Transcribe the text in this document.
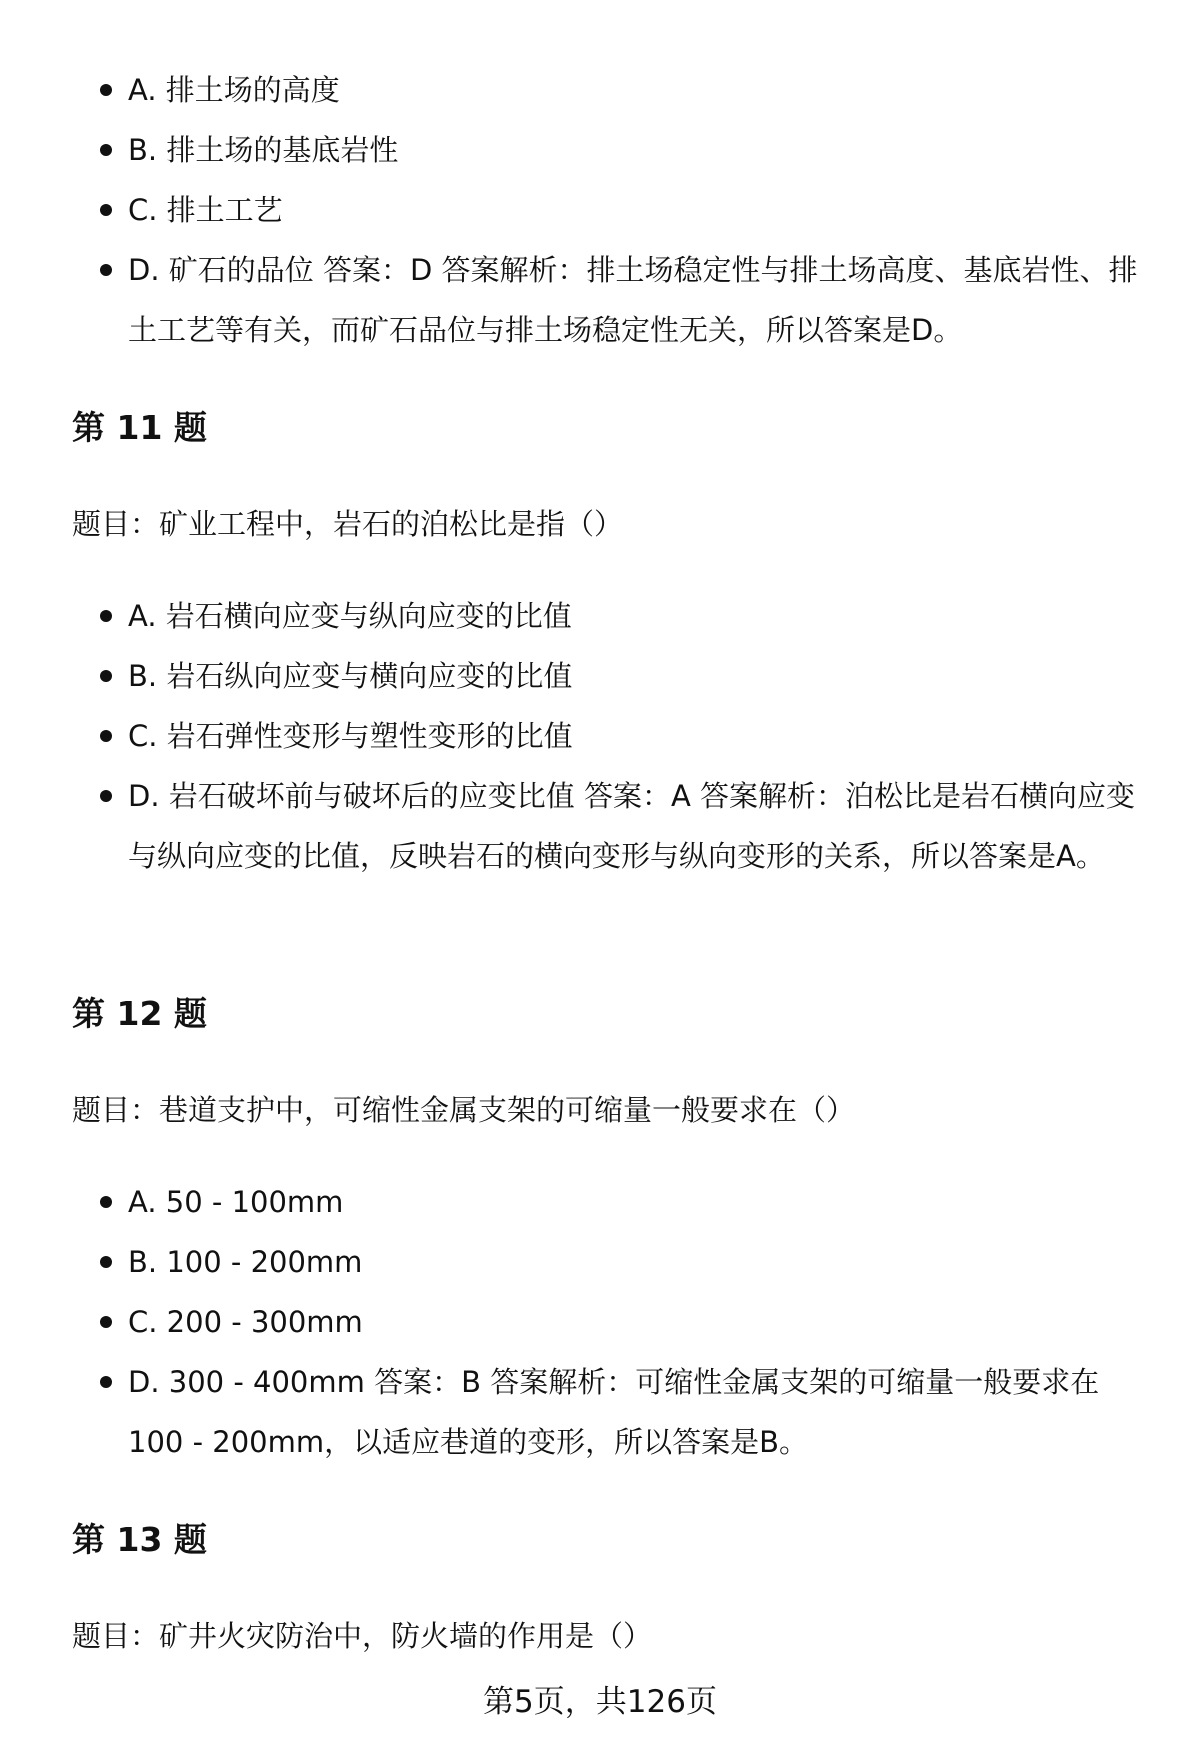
A. 排土场的高度
B. 排土场的基底岩性
C. 排土工艺
D. 矿石的品位 答案：D 答案解析：排土场稳定性与排土场高度、基底岩性、排土工艺等有关，而矿石品位与排土场稳定性无关，所以答案是D。
第 11 题

题目：矿业工程中，岩石的泊松比是指（）

A. 岩石横向应变与纵向应变的比值
B. 岩石纵向应变与横向应变的比值
C. 岩石弹性变形与塑性变形的比值
D. 岩石破坏前与破坏后的应变比值 答案：A 答案解析：泊松比是岩石横向应变与纵向应变的比值，反映岩石的横向变形与纵向变形的关系，所以答案是A。
第 12 题

题目：巷道支护中，可缩性金属支架的可缩量一般要求在（）

A. 50 - 100mm
B. 100 - 200mm
C. 200 - 300mm
D. 300 - 400mm 答案：B 答案解析：可缩性金属支架的可缩量一般要求在100 - 200mm，以适应巷道的变形，所以答案是B。
第 13 题

题目：矿井火灾防治中，防火墙的作用是（）

第5页，共126页
